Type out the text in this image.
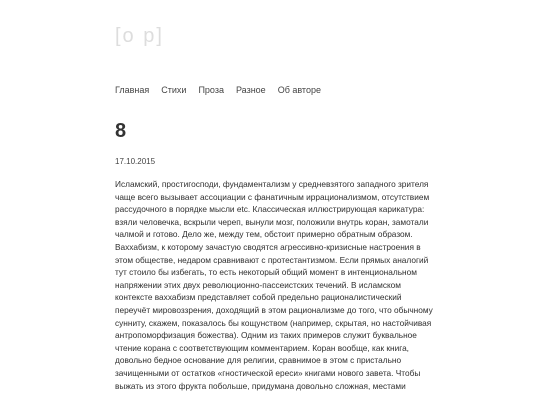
[o p]
Главная Стихи Проза Разное Об авторе
8
17.10.2015

Исламский, простигосподи, фундаментализм у средневзятого западного зрителя чаще всего вызывает ассоциации с фанатичным иррационализмом, отсутствием рассудочного в порядке мысли etc. Классическая иллюстрирующая карикатура: взяли человечка, вскрыли череп, вынули мозг, положили внутрь коран, замотали чалмой и готово. Дело же, между тем, обстоит примерно обратным образом. Ваххабизм, к которому зачастую сводятся агрессивно-кризисные настроения в этом обществе, недаром сравнивают с протестантизмом. Если прямых аналогий тут стоило бы избегать, то есть некоторый общий момент в интенциональном напряжении этих двух революционно-пассеистских течений. В исламском контексте ваххабизм представляет собой предельно рационалистический переучёт мировоззрения, доходящий в этом рационализме до того, что обычному сунниту, скажем, показалось бы кощунством (например, скрытая, но настойчивая антропоморфизация божества). Одним из таких примеров служит буквальное чтение корана с соответствующим комментарием. Коран вообще, как книга, довольно бедное основание для религии, сравнимое в этом с пристально зачищенными от остатков «гностической ереси» книгами нового завета. Чтобы выжать из этого фрукта побольше, придумана довольно сложная, местами
